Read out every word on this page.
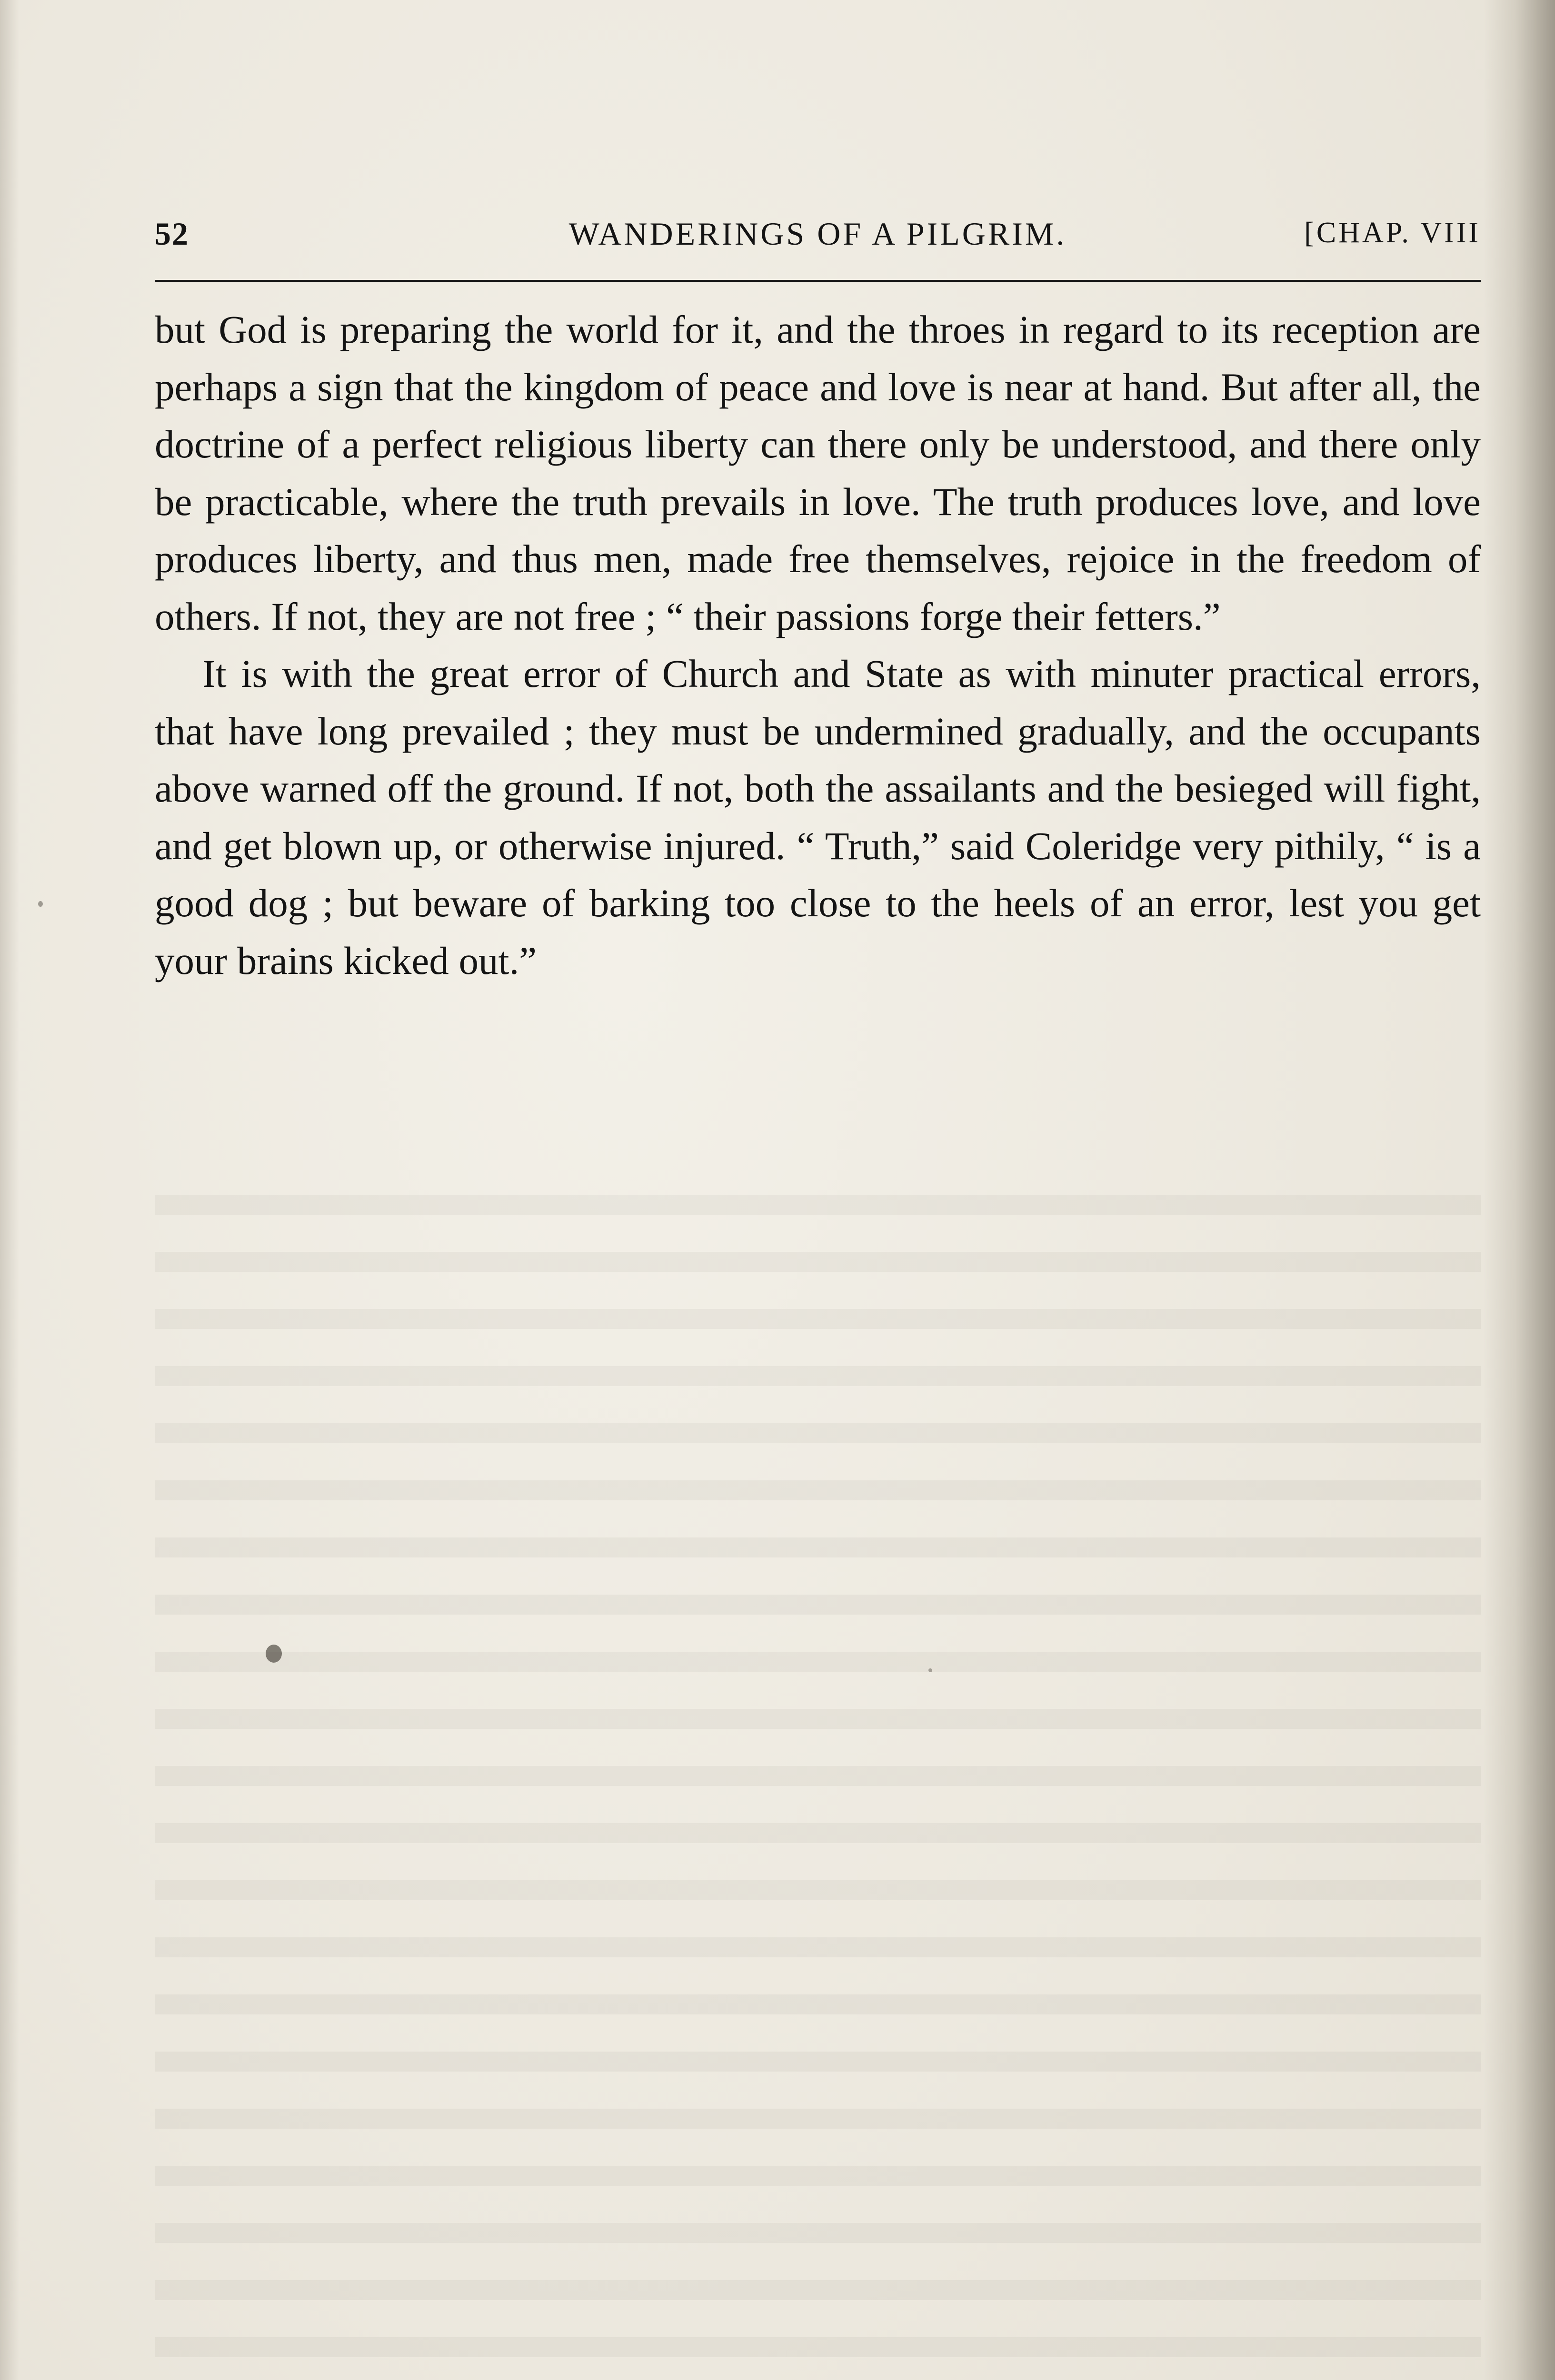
52	WANDERINGS OF A PILGRIM.	[CHAP. VIII

but God is preparing the world for it, and the throes in regard to its reception are perhaps a sign that the kingdom of peace and love is near at hand. But after all, the doctrine of a perfect religious liberty can there only be understood, and there only be practicable, where the truth prevails in love. The truth produces love, and love produces liberty, and thus men, made free themselves, rejoice in the freedom of others. If not, they are not free ; “ their passions forge their fetters.”

It is with the great error of Church and State as with minuter practical errors, that have long prevailed ; they must be undermined gradually, and the occupants above warned off the ground. If not, both the assailants and the besieged will fight, and get blown up, or otherwise injured. “ Truth,” said Coleridge very pithily, “ is a good dog ; but beware of barking too close to the heels of an error, lest you get your brains kicked out.”
